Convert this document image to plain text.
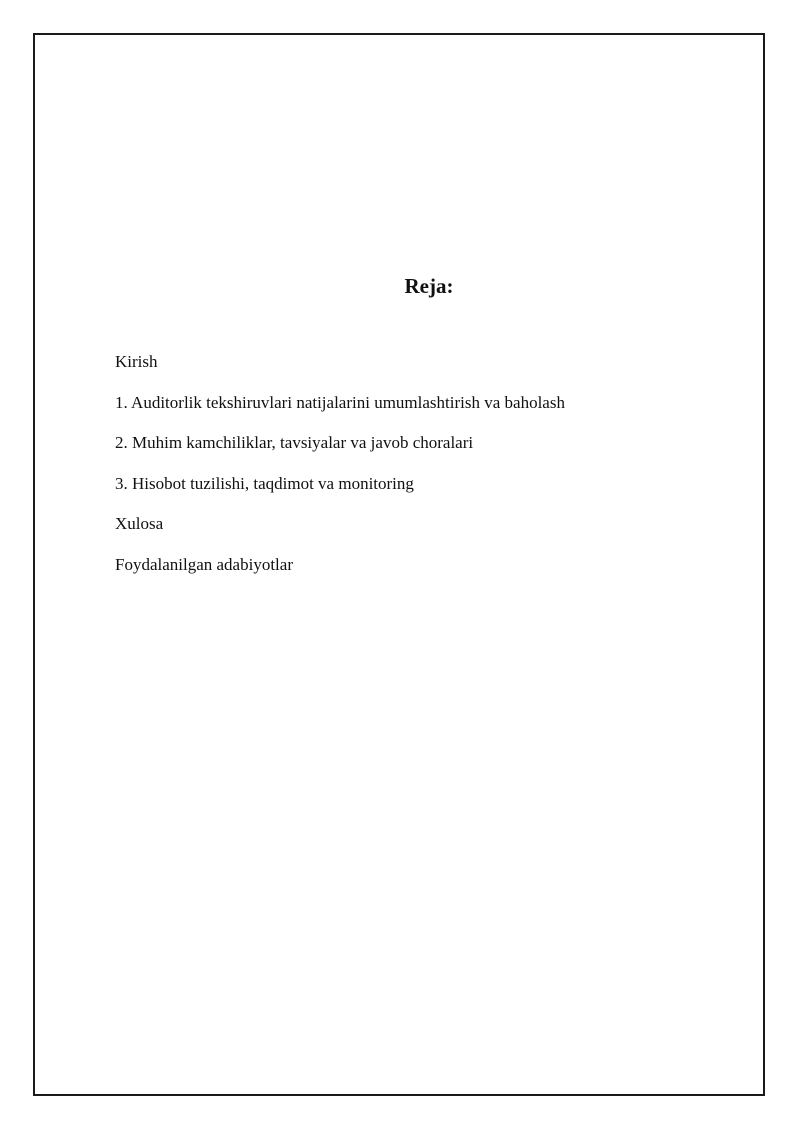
Reja:
Kirish
1. Auditorlik tekshiruvlari natijalarini umumlashtirish va baholash
2. Muhim kamchiliklar, tavsiyalar va javob choralari
3. Hisobot tuzilishi, taqdimot va monitoring
Xulosa
Foydalanilgan adabiyotlar
